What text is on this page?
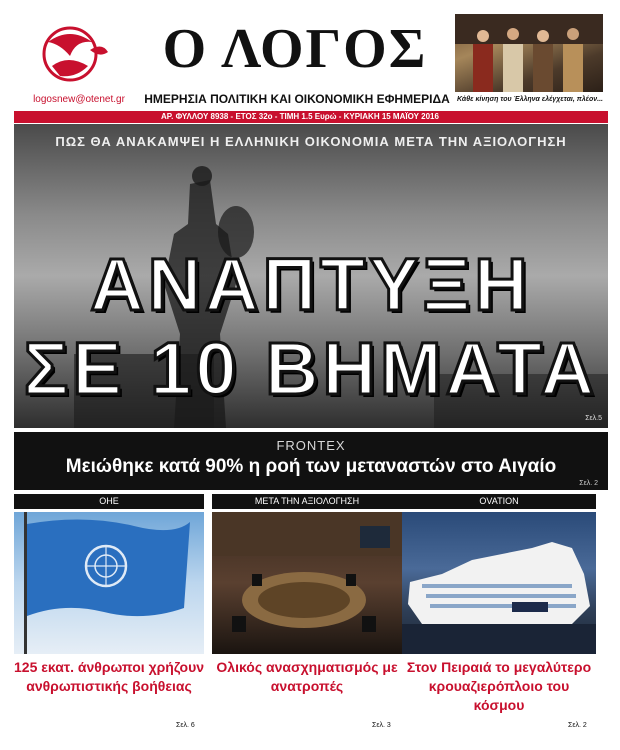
logosnew@otenet.gr
Ο ΛΟΓΟΣ
ΗΜΕΡΗΣΙΑ ΠΟΛΙΤΙΚΗ ΚΑΙ ΟΙΚΟΝΟΜΙΚΗ ΕΦΗΜΕΡΙΔΑ	Κάθε κίνηση του Έλληνα ελέγχεται, πλέον...
ΑΡ. ΦΥΛΛΟΥ 8938 - ΕΤΟΣ 32ο - ΤΙΜΗ 1.5 Ευρώ - ΚΥΡΙΑΚΗ 15 ΜΑΪΟΥ 2016
ΠΩΣ ΘΑ ΑΝΑΚΑΜΨΕΙ Η ΕΛΛΗΝΙΚΗ ΟΙΚΟΝΟΜΙΑ ΜΕΤΑ ΤΗΝ ΑΞΙΟΛΟΓΗΣΗ
ΑΝΑΠΤΥΞΗ
ΣΕ 10 ΒΗΜΑΤΑ
Σελ.5
FRONTEX
Μειώθηκε κατά 90% η ροή των μεταναστών στο Αιγαίο
Σελ. 2
ΟΗΕ
125 εκατ. άνθρωποι χρήζουν ανθρωπιστικής βοήθειας
Σελ. 6
ΜΕΤΑ ΤΗΝ ΑΞΙΟΛΟΓΗΣΗ
Ολικός ανασχηματισμός με ανατροπές
Σελ. 3
OVATION
Στον Πειραιά το μεγαλύτερο κρουαζιερόπλοιο του κόσμου
Σελ. 2
